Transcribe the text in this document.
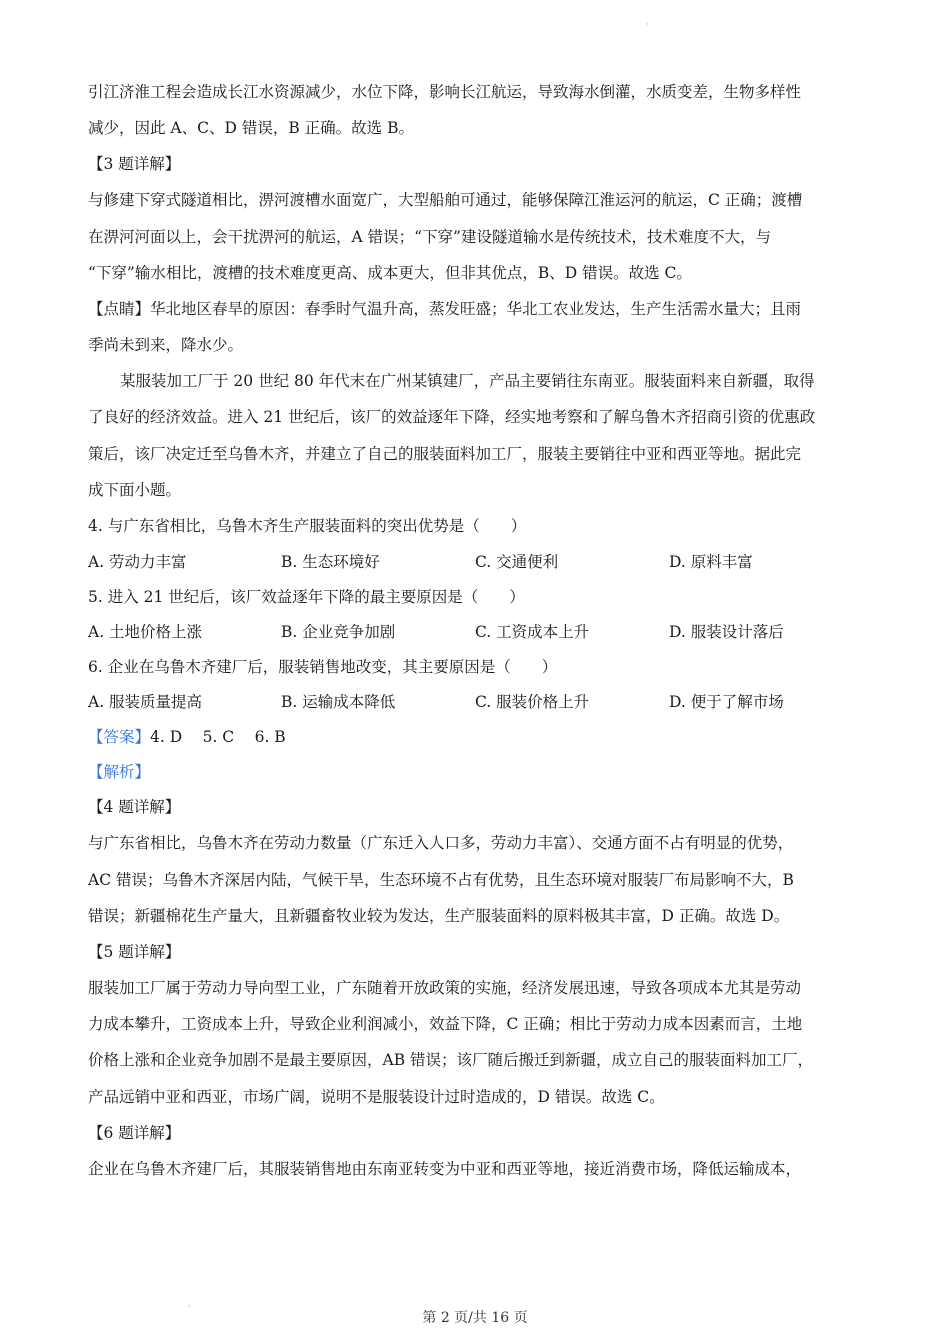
·
引江济淮工程会造成长江水资源减少，水位下降，影响长江航运，导致海水倒灌，水质变差，生物多样性
减少，因此 A、C、D 错误，B 正确。故选 B。
【3 题详解】
与修建下穿式隧道相比，淠河渡槽水面宽广，大型船舶可通过，能够保障江淮运河的航运，C 正确；渡槽
在淠河河面以上，会干扰淠河的航运，A 错误；“下穿”建设隧道输水是传统技术，技术难度不大，与
“下穿”输水相比，渡槽的技术难度更高、成本更大，但非其优点，B、D 错误。故选 C。
【点睛】华北地区春旱的原因：春季时气温升高，蒸发旺盛；华北工农业发达，生产生活需水量大；且雨
季尚未到来，降水少。
某服装加工厂于 20 世纪 80 年代末在广州某镇建厂，产品主要销往东南亚。服装面料来自新疆，取得
了良好的经济效益。进入 21 世纪后，该厂的效益逐年下降，经实地考察和了解乌鲁木齐招商引资的优惠政
策后，该厂决定迁至乌鲁木齐，并建立了自己的服装面料加工厂，服装主要销往中亚和西亚等地。据此完
成下面小题。
4. 与广东省相比，乌鲁木齐生产服装面料的突出优势是（　　）
A. 劳动力丰富	B. 生态环境好	C. 交通便利	D. 原料丰富
5. 进入 21 世纪后，该厂效益逐年下降的最主要原因是（　　）
A. 土地价格上涨	B. 企业竞争加剧	C. 工资成本上升	D. 服装设计落后
6. 企业在乌鲁木齐建厂后，服装销售地改变，其主要原因是（　　）
A. 服装质量提高	B. 运输成本降低	C. 服装价格上升	D. 便于了解市场
【答案】4. D　 5. C　 6. B
【解析】
【4 题详解】
与广东省相比，乌鲁木齐在劳动力数量（广东迁入人口多，劳动力丰富）、交通方面不占有明显的优势，
AC 错误；乌鲁木齐深居内陆，气候干旱，生态环境不占有优势，且生态环境对服装厂布局影响不大，B
错误；新疆棉花生产量大，且新疆畜牧业较为发达，生产服装面料的原料极其丰富，D 正确。故选 D。
【5 题详解】
服装加工厂属于劳动力导向型工业，广东随着开放政策的实施，经济发展迅速，导致各项成本尤其是劳动
力成本攀升，工资成本上升，导致企业利润减小，效益下降，C 正确；相比于劳动力成本因素而言，土地
价格上涨和企业竞争加剧不是最主要原因，AB 错误；该厂随后搬迁到新疆，成立自己的服装面料加工厂，
产品远销中亚和西亚，市场广阔，说明不是服装设计过时造成的，D 错误。故选 C。
【6 题详解】
企业在乌鲁木齐建厂后，其服装销售地由东南亚转变为中亚和西亚等地，接近消费市场，降低运输成本，
·
第 2 页/共 16 页
